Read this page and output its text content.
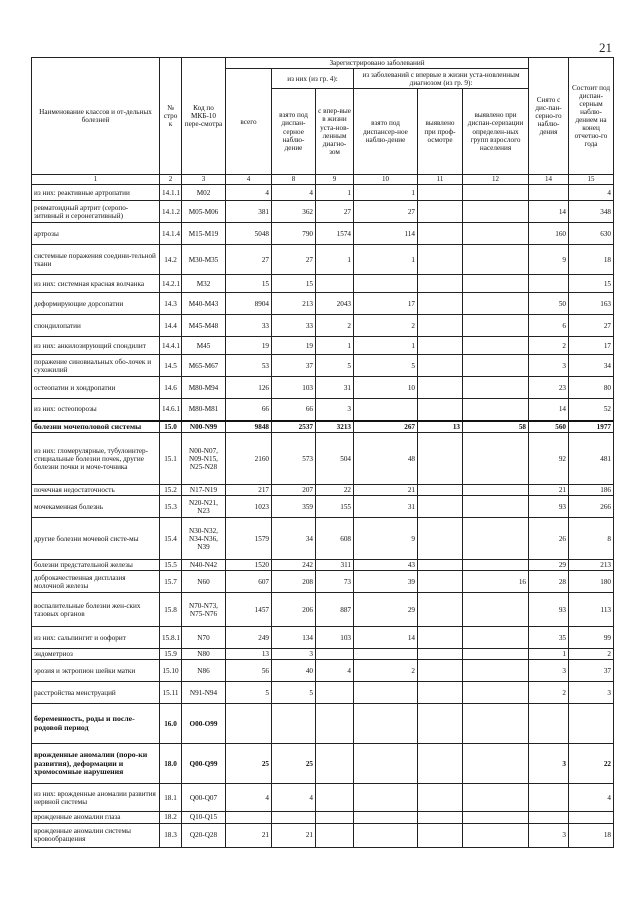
21
Наименование классов и от-дельных болезней	№ стро к	Код по МКБ-10 пере-смотра	Зарегистрировано заболеваний						Снято с дис-пан-серно-го наблю-дения	Состоит под диспан-серным наблю-дением на конец отчетно-го года
			всего	из них (из гр. 4):		из заболеваний с впервые в жизни уста-новленным диагнозом (из гр. 9):				
				взято под диспан-серное наблю-дение	с впер-вые в жизни уста-нов-ленным диагно-зом	взято под диспансер-ное наблю-дение	выявлено при проф-осмотре	выявлено при диспан-серизации определен-ных групп взрослого населения		
1	2	3	4	8	9	10	11	12	14	15
из них: реактивные артропатии	14.1.1	M02	4	4	1	1				4
ревматоидный артрит (серопо-зитивный и серонегативный)	14.1.2	M05-M06	381	362	27	27			14	348
артрозы	14.1.4	M15-M19	5048	790	1574	114			160	630
системные поражения соедини-тельной ткани	14.2	M30-M35	27	27	1	1			9	18
из них: системная красная волчанка	14.2.1	M32	15	15						15
деформирующие дорсопатии	14.3	M40-M43	8904	213	2043	17			50	163
спондилопатии	14.4	M45-M48	33	33	2	2			6	27
из них: анкилозирующий спондилит	14.4.1	M45	19	19	1	1			2	17
поражение синовиальных обо-лочек и сухожилий	14.5	M65-M67	53	37	5	5			3	34
остеопатии и хондропатии	14.6	M80-M94	126	103	31	10			23	80
из них: остеопорозы	14.6.1	M80-M81	66	66	3				14	52
болезни мочеполовой системы	15.0	N00-N99	9848	2537	3213	267	13	58	560	1977
из них: гломерулярные, тубулоинтер-стициальные болезни почек, другие болезни почки и моче-точника	15.1	N00-N07, N09-N15, N25-N28	2160	573	504	48			92	481
почечная недостаточность	15.2	N17-N19	217	207	22	21			21	186
мочекаменная болезнь	15.3	N20-N21, N23	1023	359	155	31			93	266
другие болезни мочевой систе-мы	15.4	N30-N32, N34-N36, N39	1579	34	608	9			26	8
болезни предстательной железы	15.5	N40-N42	1520	242	311	43			29	213
доброкачественная дисплазия молочной железы	15.7	N60	607	208	73	39		16	28	180
воспалительные болезни жен-ских тазовых органов	15.8	N70-N73, N75-N76	1457	206	887	29			93	113
из них: сальпингит и оофорит	15.8.1	N70	249	134	103	14			35	99
эндометриоз	15.9	N80	13	3					1	2
эрозия и эктропион шейки матки	15.10	N86	56	40	4	2			3	37
расстройства менструаций	15.11	N91-N94	5	5					2	3
беременность, роды и после-родовой период	16.0	O00-O99								
врожденные аномалии (поро-ки развития), деформации и хромосомные нарушения	18.0	Q00-Q99	25	25					3	22
из них: врожденные аномалии развития нервной системы	18.1	Q00-Q07	4	4						4
врожденные аномалии глаза	18.2	Q10-Q15								
врожденные аномалии системы кровообращения	18.3	Q20-Q28	21	21					3	18
